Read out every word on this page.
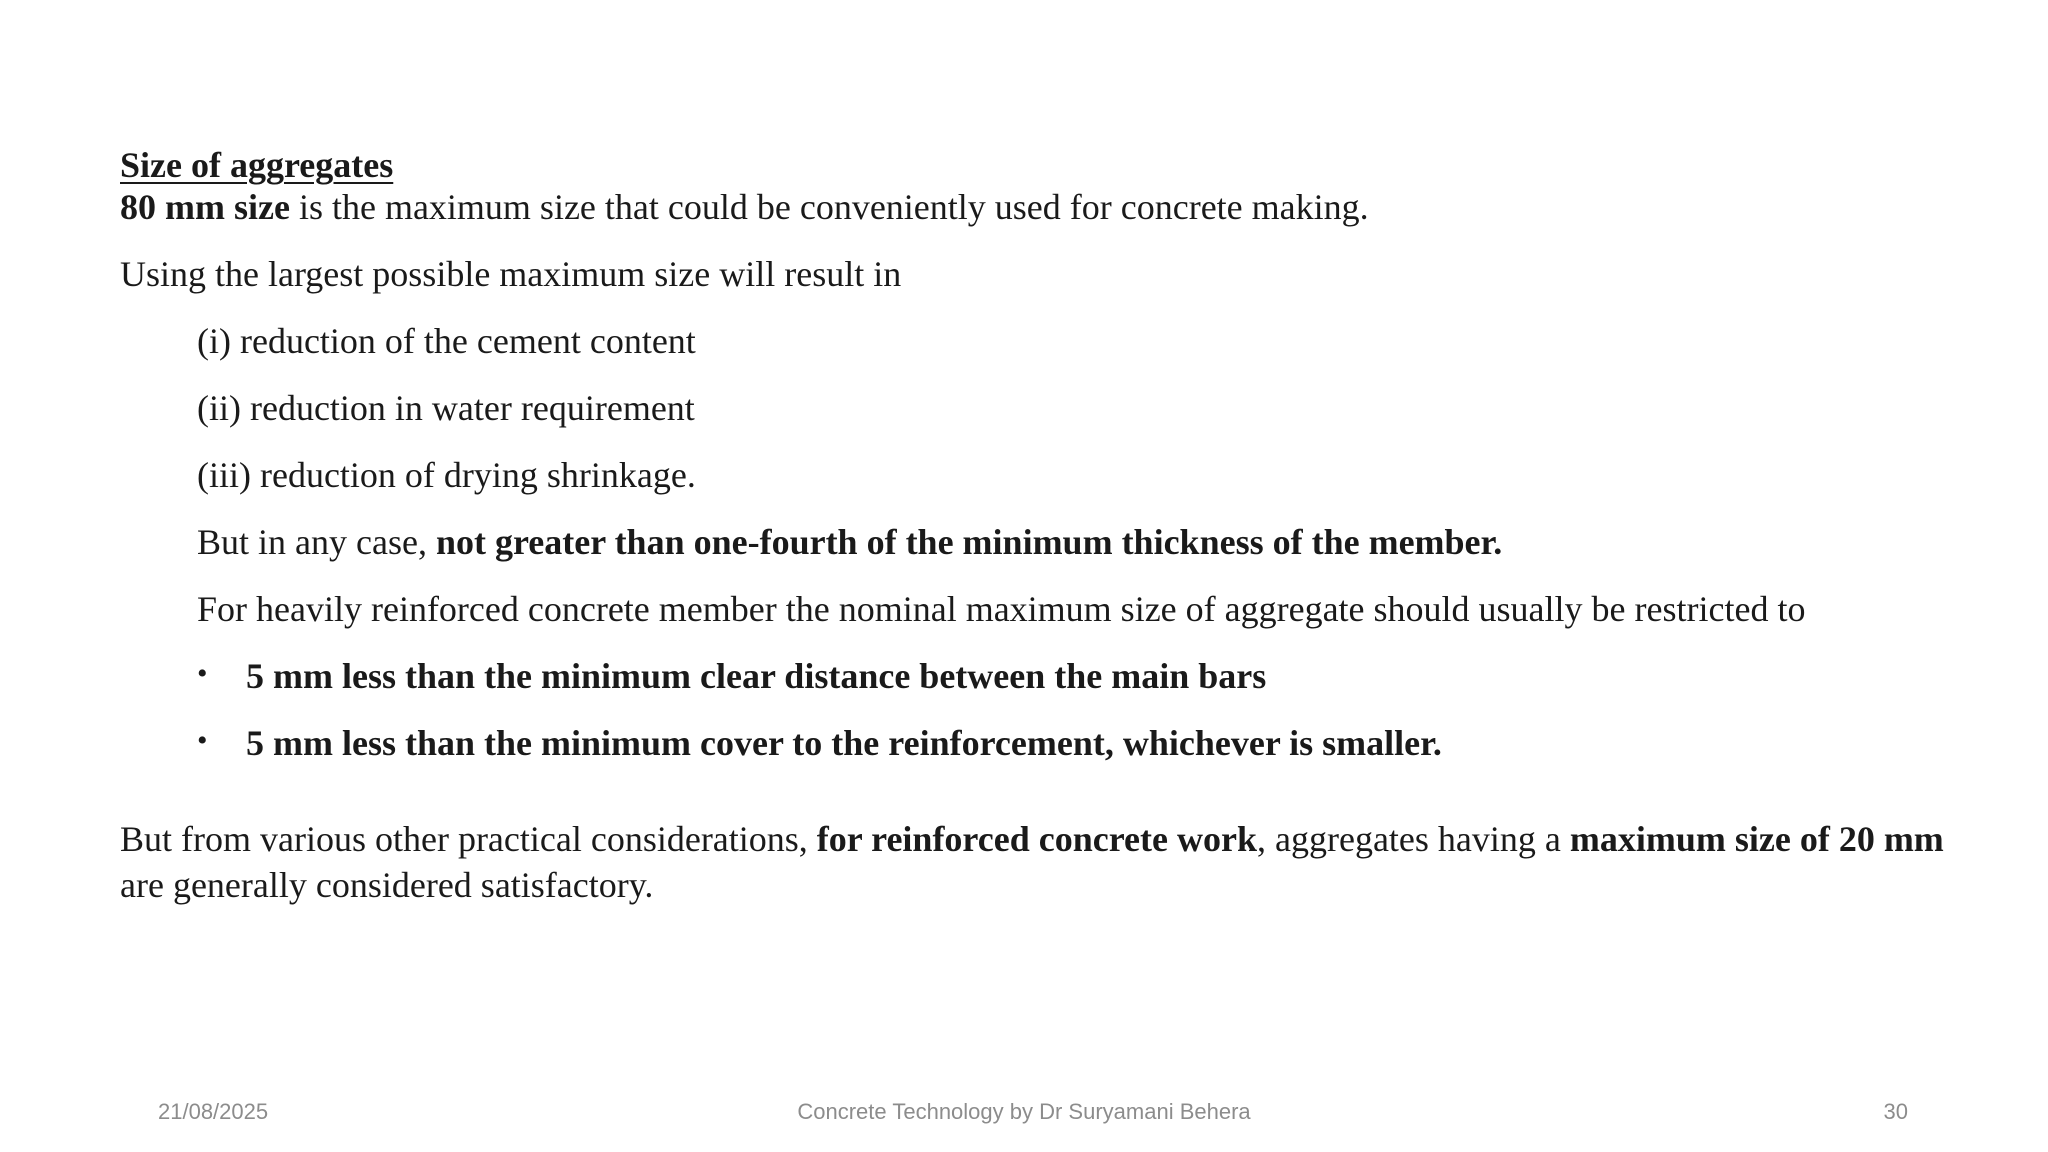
Size of aggregates
80 mm size is the maximum size that could be conveniently used for concrete making.
Using the largest possible maximum size will result in
(i) reduction of the cement content
(ii) reduction in water requirement
(iii) reduction of drying shrinkage.
But in any case, not greater than one-fourth of the minimum thickness of the member.
For heavily reinforced concrete member the nominal maximum size of aggregate should usually be restricted to
• 5 mm less than the minimum clear distance between the main bars
• 5 mm less than the minimum cover to the reinforcement, whichever is smaller.
But from various other practical considerations, for reinforced concrete work, aggregates having a maximum size of 20 mm are generally considered satisfactory.
21/08/2025	Concrete Technology by Dr Suryamani Behera	30
